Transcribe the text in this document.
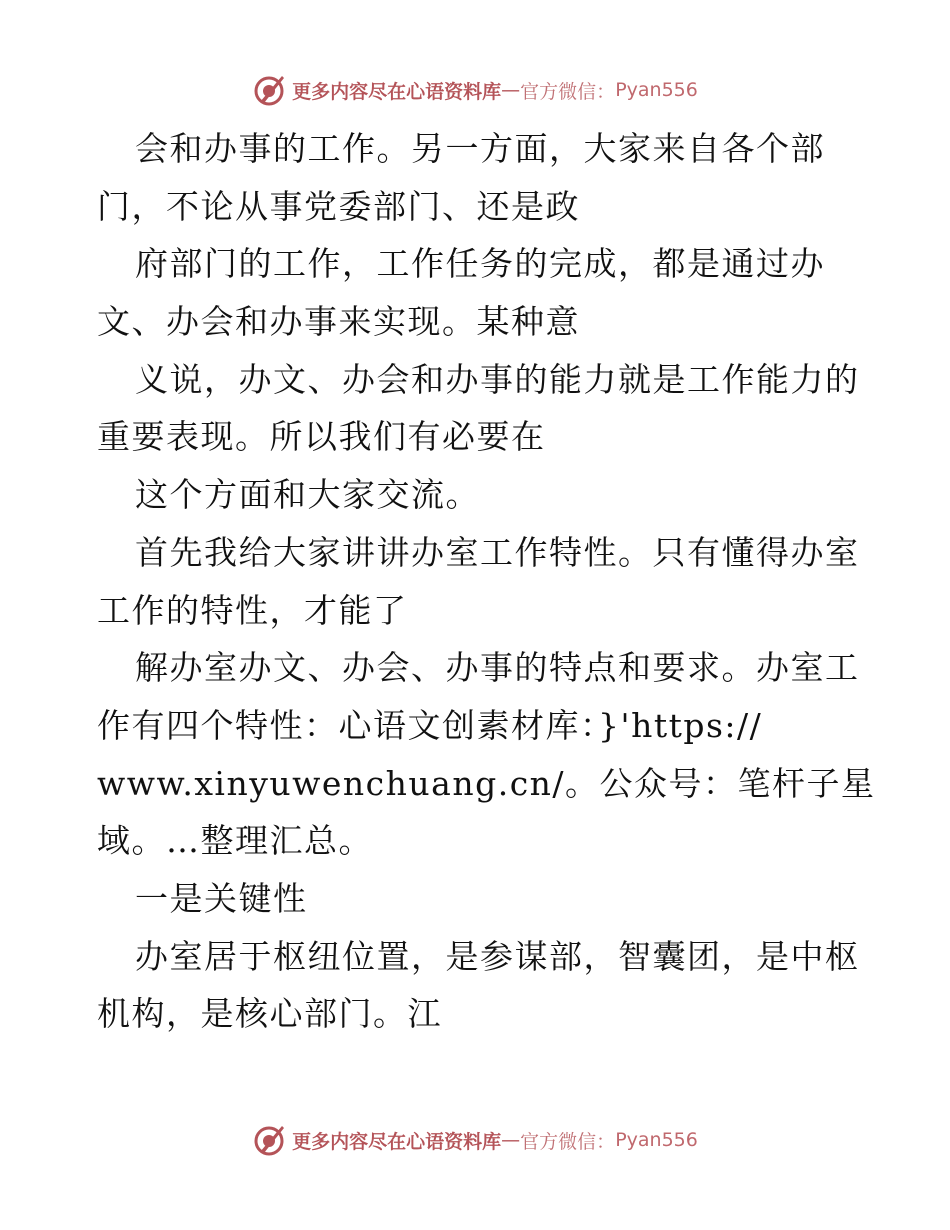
更多内容尽在心语资料库 — 官方微信： Pyan556
会和办事的工作。另一方面，大家来自各个部
门，不论从事党委部门、还是政
府部门的工作，工作任务的完成，都是通过办
文、办会和办事来实现。某种意
义说，办文、办会和办事的能力就是工作能力的
重要表现。所以我们有必要在
这个方面和大家交流。
首先我给大家讲讲办室工作特性。只有懂得办室
工作的特性，才能了
解办室办文、办会、办事的特点和要求。办室工
作有四个特性：心语文创素材库：}'https://
www.xinyuwenchuang.cn/。公众号：笔杆子星
域。…整理汇总。
一是关键性
办室居于枢纽位置，是参谋部，智囊团，是中枢
机构，是核心部门。江
更多内容尽在心语资料库 — 官方微信： Pyan556
